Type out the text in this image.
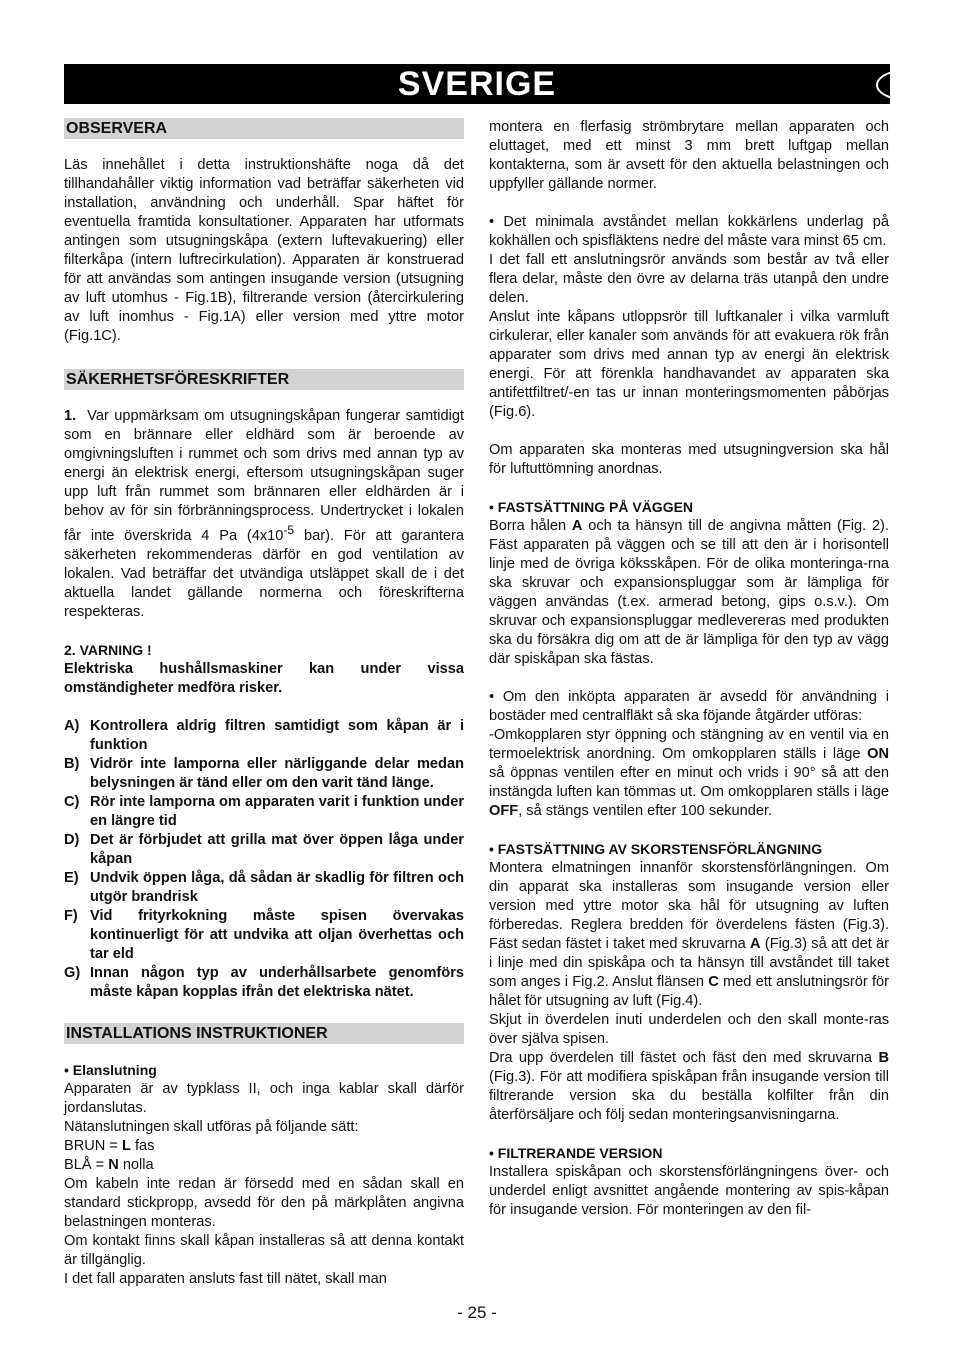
SVERIGE	S
OBSERVERA

Läs innehållet i detta instruktionshäfte noga då det tillhandahåller viktig information vad beträffar säkerheten vid installation, användning och underhåll. Spar häftet för eventuella framtida konsultationer. Apparaten har utformats antingen som utsugningskåpa (extern luftevakuering) eller filterkåpa (intern luftrecirkulation). Apparaten är konstruerad för att användas som antingen insugande version (utsugning av luft utomhus - Fig.1B), filtrerande version (återcirkulering av luft inomhus - Fig.1A) eller version med yttre motor (Fig.1C).

SÄKERHETSFÖRESKRIFTER

1. Var uppmärksam om utsugningskåpan fungerar samtidigt som en brännare eller eldhärd som är beroende av omgivningsluften i rummet och som drivs med annan typ av energi än elektrisk energi, eftersom utsugningskåpan suger upp luft från rummet som brännaren eller eldhärden är i behov av för sin förbränningsprocess. Undertrycket i lokalen får inte överskrida 4 Pa ($4x10^{-5}$ bar). För att garantera säkerheten rekommenderas därför en god ventilation av lokalen. Vad beträffar det utvändiga utsläppet skall de i det aktuella landet gällande normerna och föreskrifterna respekteras.

2. VARNING !

Elektriska hushållsmaskiner kan under vissa omständigheter medföra risker.

A) Kontrollera aldrig filtren samtidigt som kåpan är i funktion
B) Vidrör inte lamporna eller närliggande delar medan belysningen är tänd eller om den varit tänd länge.
C) Rör inte lamporna om apparaten varit i funktion under en längre tid
D) Det är förbjudet att grilla mat över öppen låga under kåpan
E) Undvik öppen låga, då sådan är skadlig för filtren och utgör brandrisk
F) Vid frityrkokning måste spisen övervakas kontinuerligt för att undvika att oljan överhettas och tar eld
G) Innan någon typ av underhållsarbete genomförs måste kåpan kopplas ifrån det elektriska nätet.
INSTALLATIONS INSTRUKTIONER
• Elanslutning

Apparaten är av typklass II, och inga kablar skall därför jordanslutas.

Nätanslutningen skall utföras på följande sätt:

BRUN = L fas

BLÅ = N nolla

Om kabeln inte redan är försedd med en sådan skall en standard stickpropp, avsedd för den på märkplåten angivna belastningen monteras.

Om kontakt finns skall kåpan installeras så att denna kontakt är tillgänglig.

I det fall apparaten ansluts fast till nätet, skall man

montera en flerfasig strömbrytare mellan apparaten och eluttaget, med ett minst 3 mm brett luftgap mellan kontakterna, som är avsett för den aktuella belastningen och uppfyller gällande normer.

• Det minimala avståndet mellan kokkärlens underlag på kokhällen och spisfläktens nedre del måste vara minst 65 cm.

I det fall ett anslutningsrör används som består av två eller flera delar, måste den övre av delarna träs utanpå den undre delen.

Anslut inte kåpans utloppsrör till luftkanaler i vilka varmluft cirkulerar, eller kanaler som används för att evakuera rök från apparater som drivs med annan typ av energi än elektrisk energi. För att förenkla handhavandet av apparaten ska antifettfiltret/-en tas ur innan monteringsmomenten påbörjas (Fig.6).

Om apparaten ska monteras med utsugningversion ska hål för luftuttömning anordnas.

• FASTSÄTTNING PÅ VÄGGEN

Borra hålen A och ta hänsyn till de angivna måtten (Fig. 2). Fäst apparaten på väggen och se till att den är i horisontell linje med de övriga köksskåpen. För de olika monteringa-rna ska skruvar och expansionspluggar som är lämpliga för väggen användas (t.ex. armerad betong, gips o.s.v.). Om skruvar och expansionspluggar medlevereras med produkten ska du försäkra dig om att de är lämpliga för den typ av vägg där spiskåpan ska fästas.

• Om den inköpta apparaten är avsedd för användning i bostäder med centralfläkt så ska föjande åtgärder utföras:

-Omkopplaren styr öppning och stängning av en ventil via en termoelektrisk anordning. Om omkopplaren ställs i läge ON så öppnas ventilen efter en minut och vrids i 90° så att den instängda luften kan tömmas ut. Om omkopplaren ställs i läge OFF, så stängs ventilen efter 100 sekunder.

• FASTSÄTTNING AV SKORSTENSFÖRLÄNGNING

Montera elmatningen innanför skorstensförlängningen. Om din apparat ska installeras som insugande version eller version med yttre motor ska hål för utsugning av luften förberedas. Reglera bredden för överdelens fästen (Fig.3). Fäst sedan fästet i taket med skruvarna A (Fig.3) så att det är i linje med din spiskåpa och ta hänsyn till avståndet till taket som anges i Fig.2. Anslut flänsen C med ett anslutningsrör för hålet för utsugning av luft (Fig.4).

Skjut in överdelen inuti underdelen och den skall monte-ras över själva spisen.

Dra upp överdelen till fästet och fäst den med skruvarna B (Fig.3). För att modifiera spiskåpan från insugande version till filtrerande version ska du beställa kolfilter från din återförsäljare och följ sedan monteringsanvisningarna.

• FILTRERANDE VERSION

Installera spiskåpan och skorstensförlängningens över- och underdel enligt avsnittet angående montering av spis-kåpan för insugande version. För monteringen av den fil-

- 25 -
